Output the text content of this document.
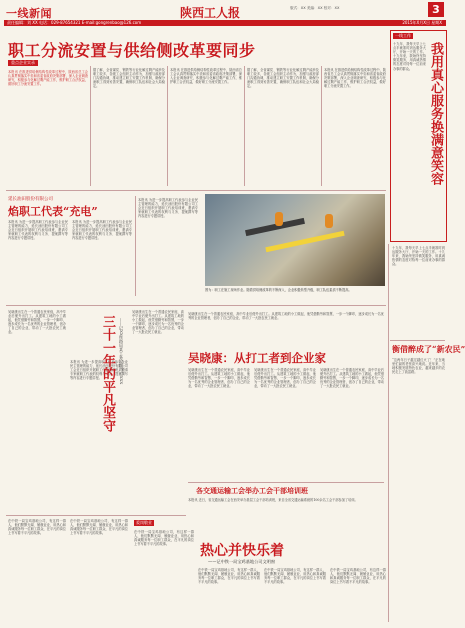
一线新闻	陕西工人报	版式：XX 美编：XX 校对：XX	3
责任编辑：刘 XX 电话：029-87654321 E-mail:gongrenbao@126.com	2015年X月X日 星期X
职工分流安置与供给侧改革要同步
重点企业实录
本报讯 在推进供给侧结构性改革过程中，陕西省总工会认真贯彻落实中央和省委省政府决策部署，深入企业调查研究，积极参与化解过剩产能工作，维护职工合法权益，做好职工分流安置工作。
据了解，全省煤炭、钢铁等行业化解过剩产能涉及职工较多，各级工会组织主动作为，加强与政府部门沟通协调，推动建立职工安置工作机制，确保分流职工得到妥善安置，确保职工队伍和社会大局稳定。
本报讯 在推进供给侧结构性改革过程中，陕西省总工会认真贯彻落实中央和省委省政府决策部署，深入企业调查研究，积极参与化解过剩产能工作，维护职工合法权益，做好职工分流安置工作。
据了解，全省煤炭、钢铁等行业化解过剩产能涉及职工较多，各级工会组织主动作为，加强与政府部门沟通协调，推动建立职工安置工作机制，确保分流职工得到妥善安置，确保职工队伍和社会大局稳定。
本报讯 在推进供给侧结构性改革过程中，陕西省总工会认真贯彻落实中央和省委省政府决策部署，深入企业调查研究，积极参与化解过剩产能工作，维护职工合法权益，做好职工分流安置工作。
一线工作
我用真心服务换满意笑容
十九年，我每天早上七点半就准时到达服务大厅，开始一天的工作。十九年来，我始终坚持微笑服务，用真诚热情的态度对待每一位前来办事的群众。
延长油田股份有限公司
焰职工代表“充电”
本报讯 为进一步提高职工代表参与企业民主管理的能力，延长油田股份有限公司工会近日组织开展职工代表培训班，邀请专家就职工代表的权利与义务、提案撰写等内容进行专题讲授。
本报讯 为进一步提高职工代表参与企业民主管理的能力，延长油田股份有限公司工会近日组织开展职工代表培训班，邀请专家就职工代表的权利与义务、提案撰写等内容进行专题讲授。
本报讯 为进一步提高职工代表参与企业民主管理的能力，延长油田股份有限公司工会近日组织开展职工代表培训班，邀请专家就职工代表的权利与义务、提案撰写等内容进行专题讲授。
图为：职工在施工现场作业。随着供给侧改革的不断深入，企业积极转型升级，职工队伍素质不断提高。
吴晓康出生在一个普通农民家庭，高中毕业后便外出打工。从建筑工地的小工做起，他凭借勤劳和智慧，一步一个脚印，逐步成长为一名优秀的企业管理者，创办了自己的企业，带动了一大批农民工就业。
本报讯 为进一步提高职工代表参与企业民主管理的能力，延长油田股份有限公司工会近日组织开展职工代表培训班，邀请专家就职工代表的权利与义务、提案撰写等内容进行专题讲授。
三十一年的平凡坚守 ——记XX铁路局某工务段线路工XXX
吴晓康出生在一个普通农民家庭，高中毕业后便外出打工。从建筑工地的小工做起，他凭借勤劳和智慧，一步一个脚印，逐步成长为一名优秀的企业管理者，创办了自己的企业，带动了一大批农民工就业。
吴晓康：从打工者到企业家
吴晓康出生在一个普通农民家庭，高中毕业后便外出打工。从建筑工地的小工做起，他凭借勤劳和智慧，一步一个脚印，逐步成长为一名优秀的企业管理者，创办了自己的企业，带动了一大批农民工就业。
吴晓康出生在一个普通农民家庭，高中毕业后便外出打工。从建筑工地的小工做起，他凭借勤劳和智慧，一步一个脚印，逐步成长为一名优秀的企业管理者，创办了自己的企业，带动了一大批农民工就业。
吴晓康出生在一个普通农民家庭，高中毕业后便外出打工。从建筑工地的小工做起，他凭借勤劳和智慧，一步一个脚印，逐步成长为一名优秀的企业管理者，创办了自己的企业，带动了一大批农民工就业。
吴晓康出生在一个普通农民家庭，高中毕业后便外出打工。从建筑工地的小工做起，他凭借勤劳和智慧，一步一个脚印，逐步成长为一名优秀的企业管理者，创办了自己的企业，带动了一大批农民工就业。
各交通运输工会举办工会干部培训班
本报讯 近日，省交通运输工会在西安举办基层工会干部培训班，来自全省交通运输系统的100余名工会干部参加了培训。
在中铁一局宝鸡基地公司，有这样一群人，他们默默无闻、兢兢业业，用热心和真诚服务每一位职工群众，在平凡的岗位上书写着不平凡的故事。
在中铁一局宝鸡基地公司，有这样一群人，他们默默无闻、兢兢业业，用热心和真诚服务每一位职工群众，在平凡的岗位上书写着不平凡的故事。
爱岗敬业
热心并快乐着
——记中铁一局宝鸡基地公司文明窗
在中铁一局宝鸡基地公司，有这样一群人，他们默默无闻、兢兢业业，用热心和真诚服务每一位职工群众，在平凡的岗位上书写着不平凡的故事。
在中铁一局宝鸡基地公司，有这样一群人，他们默默无闻、兢兢业业，用热心和真诚服务每一位职工群众，在平凡的岗位上书写着不平凡的故事。
在中铁一局宝鸡基地公司，有这样一群人，他们默默无闻、兢兢业业，用热心和真诚服务每一位职工群众，在平凡的岗位上书写着不平凡的故事。
在中铁一局宝鸡基地公司，有这样一群人，他们默默无闻、兢兢业业，用热心和真诚服务每一位职工群众，在平凡的岗位上书写着不平凡的故事。
十九年，我每天早上七点半就准时到达服务大厅，开始一天的工作。十九年来，我始终坚持微笑服务，用真诚热情的态度对待每一位前来办事的群众。
衡借醉成了“新农民”
“这两年日子越过越红火了！”正在地里忙碌的老张高兴地说。近年来，当地积极发展特色农业，越来越多的农民走上了致富路。
